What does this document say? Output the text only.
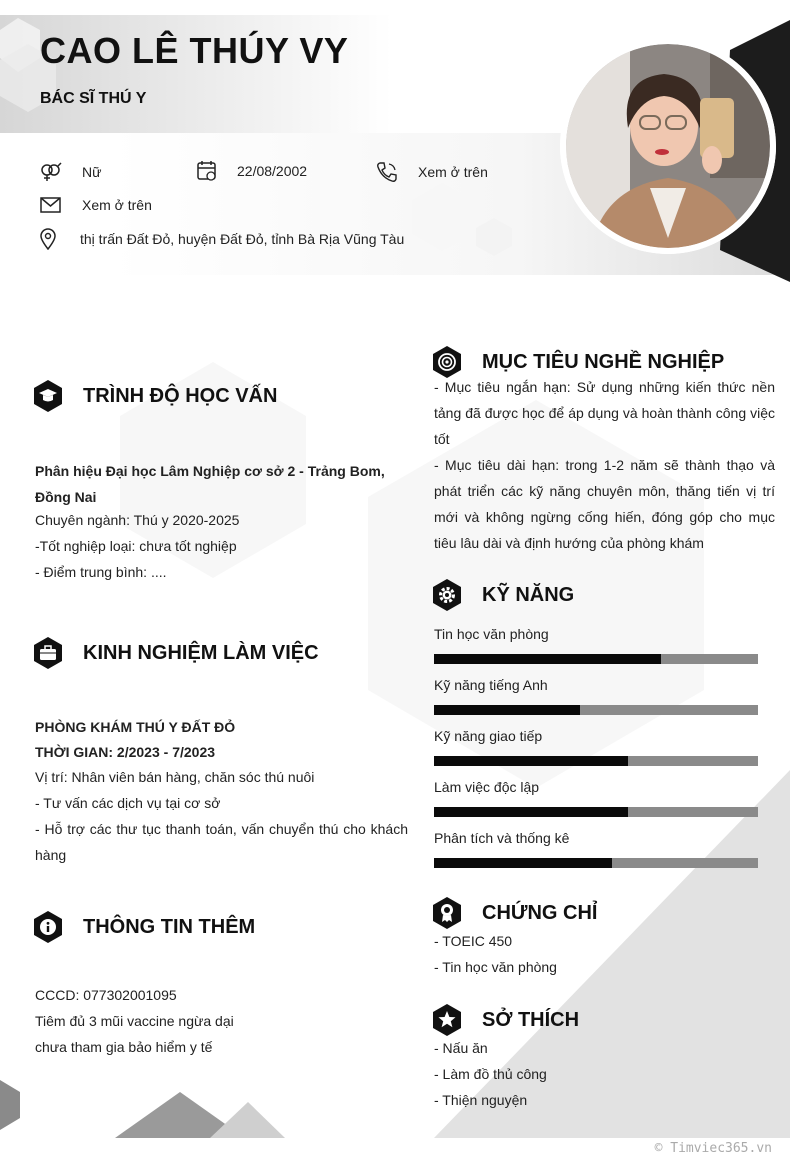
CAO LÊ THÚY VY
BÁC SĨ THÚ Y
Nữ	22/08/2002	Xem ở trên
Xem ở trên
thị trấn Đất Đỏ, huyện Đất Đỏ, tỉnh Bà Rịa Vũng Tàu
TRÌNH ĐỘ HỌC VẤN
Phân hiệu Đại học Lâm Nghiệp cơ sở 2 - Trảng Bom, Đồng Nai
Chuyên ngành: Thú y 2020-2025
-Tốt nghiệp loại: chưa tốt nghiệp
- Điểm trung bình: ....
KINH NGHIỆM LÀM VIỆC
PHÒNG KHÁM THÚ Y ĐẤT ĐỎ
THỜI GIAN: 2/2023 - 7/2023
Vị trí: Nhân viên bán hàng, chăn sóc thú nuôi
- Tư vấn các dịch vụ tại cơ sở
- Hỗ trợ các thư tục thanh toán, vấn chuyển thú cho khách hàng
THÔNG TIN THÊM
CCCD: 077302001095
Tiêm đủ 3 mũi vaccine ngừa dại
chưa tham gia bảo hiểm y tế
MỤC TIÊU NGHỀ NGHIỆP
- Mục tiêu ngắn hạn: Sử dụng những kiến thức nền tảng đã được học để áp dụng và hoàn thành công việc tốt
- Mục tiêu dài hạn: trong 1-2 năm sẽ thành thạo và phát triển các kỹ năng chuyên môn, thăng tiến vị trí mới và không ngừng cống hiến, đóng góp cho mục tiêu lâu dài và định hướng của phòng khám
KỸ NĂNG
Tin học văn phòng
Kỹ năng tiếng Anh
Kỹ năng giao tiếp
Làm việc độc lập
Phân tích và thống kê
CHỨNG CHỈ
- TOEIC 450
- Tin học văn phòng
SỞ THÍCH
- Nấu ăn
- Làm đồ thủ công
- Thiện nguyện
© Timviec365.vn
